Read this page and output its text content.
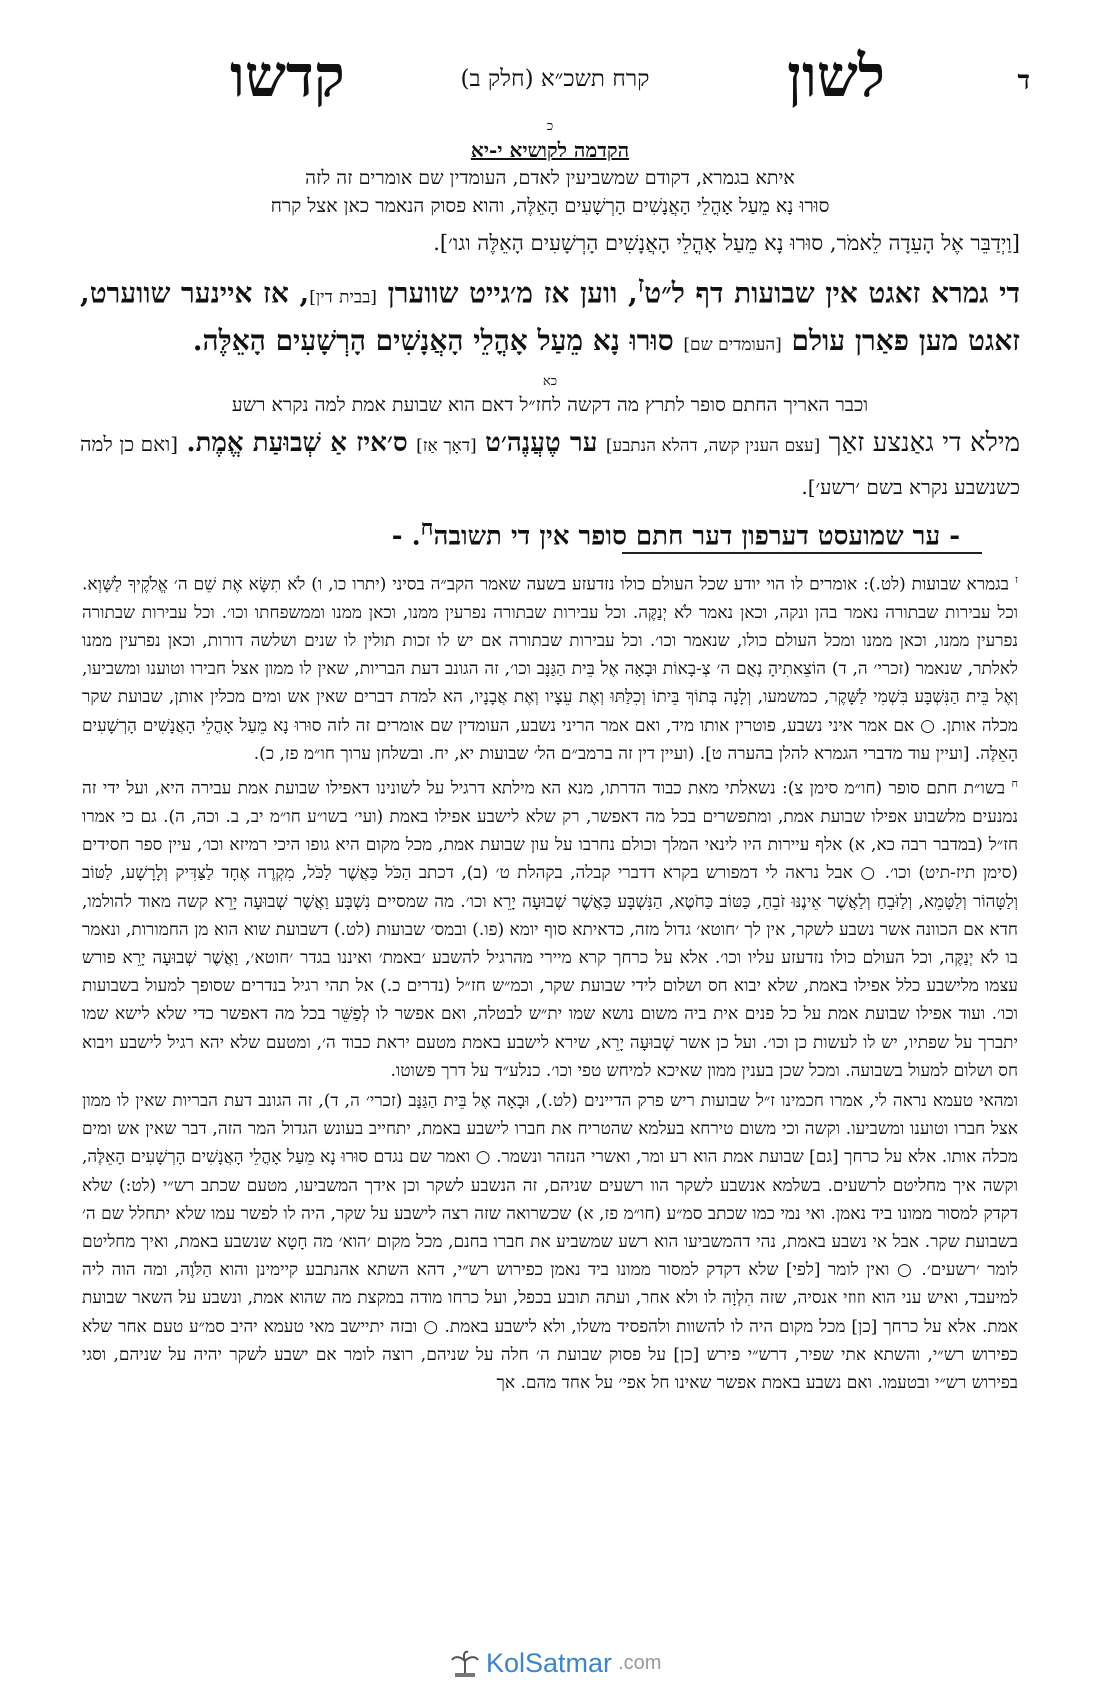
ד
לשון
קרח תשכ״א (חלק ב)
קדשו
כ
הקדמה לקושיא י-יא
איתא בגמרא, דקודם שמשביעין לאדם, העומדין שם אומרים זה לזה
סוּרוּ נָא מֵעַל אָהֳלֵי הָאֲנָשִׁים הָרְשָׁעִים הָאֵלֶּה, והוא פסוק הנאמר כאן אצל קרח
[וַיְדַבֵּר אֶל הָעֵדָה לֵאמֹר, סוּרוּ נָא מֵעַל אָהֳלֵי הָאֲנָשִׁים הָרְשָׁעִים הָאֵלֶּה וגו׳].
די גמרא זאגט אין שבועות דף ל״ט$^ז$, ווען אז מ׳גייט שווערן [בבית דין], אז איינער שווערט, זאגט מען פאַרן עולם [העומדים שם] סוּרוּ נָא מֵעַל אָהֳלֵי הָאֲנָשִׁים הָרְשָׁעִים הָאֵלֶּה.
כא
וכבר האריך החתם סופר לתרץ מה דקשה לחז״ל דאם הוא שבועת אמת למה נקרא רשע
מילא די גאַנצע זאַך [עצם הענין קשה, דהלא הנתבע] ער טֶעֲנֶה׳ט [דאָך אַז] ס׳איז אַ שְׁבוּעַת אֱמֶת. [ואם כן למה כשנשבע נקרא בשם ׳רשע׳].
- ער שמועסט דערפון דער חתם סופר אין די תשובה$^ח$. -

$^ז$ בגמרא שבועות (לט.): אומרים לו הוי יודע שכל העולם כולו נזדעזע בשעה שאמר הקב״ה בסיני (יתרו כו, ו) לֹא תִשָּׂא אֶת שֵׁם ה׳ אֱלֹקֶיךָ לַשָּׁוְא. וכל עבירות שבתורה נאמר בהן ונקה, וכאן נאמר לֹא יְנַקֶּה. וכל עבירות שבתורה נפרעין ממנו, וכאן ממנו וממשפחתו וכו׳. וכל עבירות שבתורה נפרעין ממנו, וכאן ממנו ומכל העולם כולו, שנאמר וכו׳. וכל עבירות שבתורה אם יש לו זכות תולין לו שנים ושלשה דורות, וכאן נפרעין ממנו לאלתר, שנאמר (זכרי׳ ה, ד) הוֹצֵאתִיהָ נְאֻם ה׳ צְ-בָאוֹת וּבָאָה אֶל בֵּית הַגַּנָּב וכו׳, זה הגונב דעת הבריות, שאין לו ממון אצל חבירו וטוענו ומשביעו, וְאֶל בֵּית הַנִּשְׁבָּע בִּשְׁמִי לַשָּׁקֶר, כמשמעו, וְלָנָה בְּתוֹךְ בֵּיתוֹ וְכִלַּתּוּ וְאֶת עֵצָיו וְאֶת אֲבָנָיו, הא למדת דברים שאין אש ומים מכלין אותן, שבועת שקר מכלה אותן. ○ אם אמר איני נשבע, פוטרין אותו מיד, ואם אמר הריני נשבע, העומדין שם אומרים זה לזה סוּרוּ נָא מֵעַל אָהֳלֵי הָאֲנָשִׁים הָרְשָׁעִים הָאֵלֶּה. [ועיין עוד מדברי הגמרא להלן בהערה ט]. (ועיין דין זה ברמב״ם הל׳ שבועות יא, יח. ובשלחן ערוך חו״מ פז, כ).

$^ח$ בשו״ת חתם סופר (חו״מ סימן צ): נשאלתי מאת כבוד הדרתו, מנא הא מילתא דרגיל על לשונינו דאפילו שבועת אמת עבירה היא, ועל ידי זה נמנעים מלשבוע אפילו שבועת אמת, ומתפשרים בכל מה דאפשר, רק שלא לישבע אפילו באמת (ועי׳ בשו״ע חו״מ יב, ב. וכה, ה). גם כי אמרו חז״ל (במדבר רבה כא, א) אלף עיירות היו לינאי המלך וכולם נחרבו על עון שבועת אמת, מכל מקום היא גופו היכי רמיזא וכו׳, עיין ספר חסידים (סימן תיז-תיט) וכו׳. ○ אבל נראה לי דמפורש בקרא דדברי קבלה, בקהלת ט׳ (ב), דכתב הַכֹּל כַּאֲשֶׁר לַכֹּל, מִקְרֶה אֶחָד לַצַּדִּיק וְלָרָשָׁע, לַטּוֹב וְלַטָּהוֹר וְלַטָּמֵא, וְלַזֹּבֵחַ וְלַאֲשֶׁר אֵינֶנּוּ זֹבֵחַ, כַּטּוֹב כַּחֹטֶא, הַנִּשְׁבָּע כַּאֲשֶׁר שְׁבוּעָה יָרֵא וכו׳. מה שמסיים נִשְׁבָּע וַאֲשֶׁר שְׁבוּעָה יָרֵא קשה מאוד להולמו, חדא אם הכוונה אשר נשבע לשקר, אין לך ׳חוטא׳ גדול מזה, כדאיתא סוף יומא (פו.) ובמס׳ שבועות (לט.) דשבועת שוא הוא מן החמורות, ונאמר בו לֹא יְנַקֶּה, וכל העולם כולו נזדעזע עליו וכו׳. אלא על כרחך קרא מיירי מהרגיל להשבע ׳באמת׳ ואיננו בגדר ׳חוטא׳, וַאֲשֶׁר שְׁבוּעָה יָרֵא פורש עצמו מלישבע כלל אפילו באמת, שלא יבוא חס ושלום לידי שבועת שקר, וכמ״ש חז״ל (נדרים כ.) אל תהי רגיל בנדרים שסופך למעול בשבועות וכו׳. ועוד אפילו שבועת אמת על כל פנים אית ביה משום נושא שמו ית״ש לבטלה, ואם אפשר לו לְפַשֵּׁר בכל מה דאפשר כדי שלא לישא שמו יתברך על שפתיו, יש לו לעשות כן וכו׳. ועל כן אשר שְׁבוּעָה יָרֵא, שירא לישבע באמת מטעם יראת כבוד ה׳, ומטעם שלא יהא רגיל לישבע ויבוא חס ושלום למעול בשבועה. ומכל שכן בענין ממון שאיכא למיחש טפי וכו׳. כנלע״ד על דרך פשוטו.

ומהאי טעמא נראה לי, אמרו חכמינו ז״ל שבועות ריש פרק הדיינים (לט.), וּבָאָה אֶל בֵּית הַגַּנָּב (זכרי׳ ה, ד), זה הגונב דעת הבריות שאין לו ממון אצל חברו וטוענו ומשביעו. וקשה וכי משום טירחא בעלמא שהטריח את חברו לישבע באמת, יתחייב בעונש הגדול המר הזה, דבר שאין אש ומים מכלה אותו. אלא על כרחך [גם] שבועת אמת הוא רע ומר, ואשרי הנזהר ונשמר. ○ ואמר שם נגדם סוּרוּ נָא מֵעַל אָהֳלֵי הָאֲנָשִׁים הָרְשָׁעִים הָאֵלֶּה, וקשה איך מחליטם לרשעים. בשלמא אנשבע לשקר הוו רשעים שניהם, זה הנשבע לשקר וכן אידך המשביעו, מטעם שכתב רש״י (לט:) שלא דקדק למסור ממונו ביד נאמן. ואי נמי כמו שכתב סמ״ע (חו״מ פז, א) שכשרואה שזה רצה לישבע על שקר, היה לו לפשר עמו שלא יתחלל שם ה׳ בשבועת שקר. אבל אי נשבע באמת, נהי דהמשביעו הוא רשע שמשביע את חברו בחנם, מכל מקום ׳הוא׳ מה חָטָא שנשבע באמת, ואיך מחליטם לומר ׳רשעים׳. ○ ואין לומר [לפי] שלא דקדק למסור ממונו ביד נאמן כפירוש רש״י, דהא השתא אהנתבע קיימינן והוא הַלֹּוֶה, ומה הוה ליה למיעבד, ואיש עני הוא וזוזי אנסיה, שזה הִלְוָה לו ולא אחר, ועתה תובע בכפל, ועל כרחו מודה במקצת מה שהוא אמת, ונשבע על השאר שבועת אמת. אלא על כרחך [כן] מכל מקום היה לו להשוות ולהפסיד משלו, ולא לישבע באמת. ○ ובזה יתיישב מאי טעמא יהיב סמ״ע טעם אחר שלא כפירוש רש״י, והשתא אתי שפיר, דרש״י פירש [כן] על פסוק שבועת ה׳ חלה על שניהם, רוצה לומר אם ישבע לשקר יהיה על שניהם, וסגי בפירוש רש״י ובטעמו. ואם נשבע באמת אפשר שאינו חל אפי׳ על אחד מהם. אך

KolSatmar .com
